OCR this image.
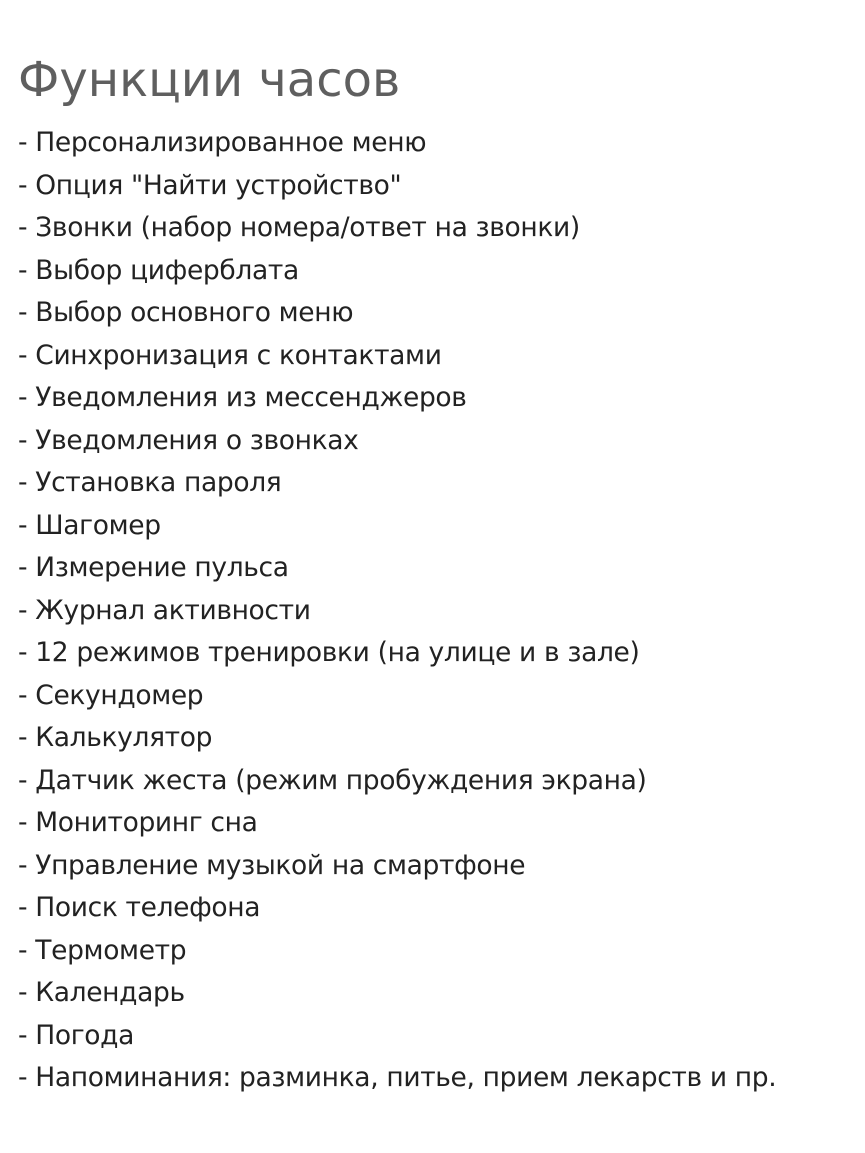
Функции часов
- Персонализированное меню
- Опция "Найти устройство"
- Звонки (набор номера/ответ на звонки)
- Выбор циферблата
- Выбор основного меню
- Синхронизация с контактами
- Уведомления из мессенджеров
- Уведомления о звонках
- Установка пароля
- Шагомер
- Измерение пульса
- Журнал активности
- 12 режимов тренировки (на улице и в зале)
- Секундомер
- Калькулятор
- Датчик жеста (режим пробуждения экрана)
- Мониторинг сна
- Управление музыкой на смартфоне
- Поиск телефона
- Термометр
- Календарь
- Погода
- Напоминания: разминка, питье, прием лекарств и пр.
